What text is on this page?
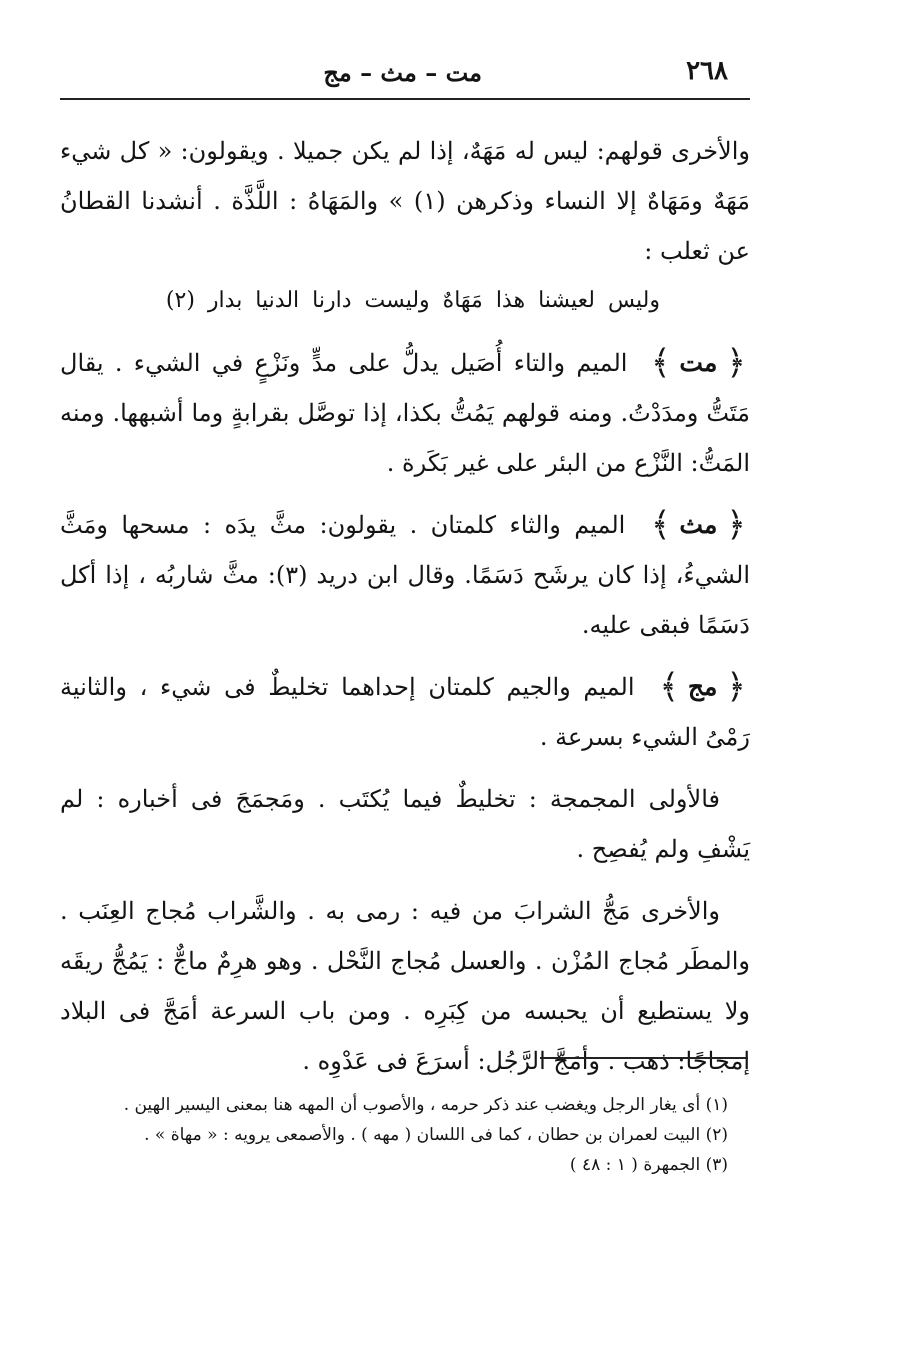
٢٦٨
مت – مث – مج

والأخرى قولهم: ليس له مَهَهٌ، إذا لم يكن جميلا . ويقولون: « كل شيء مَهَهٌ ومَهَاهٌ إلا النساء وذكرهن (١) » والمَهَاهُ : اللَّذَّة . أنشدنا القطانُ عن ثعلب :

وليس لعيشنا هذا مَهَاهٌ وليست دارنا الدنيا بدار (٢)

﴿ مت ﴾ الميم والتاء أُصَيل يدلُّ على مدٍّ ونَزْعٍ في الشيء . يقال مَتَتُّ ومدَدْتُ. ومنه قولهم يَمُتُّ بكذا، إذا توصَّل بقرابةٍ وما أشبهها. ومنه المَتُّ: النَّزْع من البئر على غير بَكَرة .

﴿ مث ﴾ الميم والثاء كلمتان . يقولون: مثَّ يدَه : مسحها ومَثَّ الشيءُ، إذا كان يرشَح دَسَمًا. وقال ابن دريد (٣): مثَّ شاربُه ، إذا أكل دَسَمًا فبقى عليه.

﴿ مج ﴾ الميم والجيم كلمتان إحداهما تخليطٌ فى شيء ، والثانية رَمْىُ الشيء بسرعة .

فالأولى المجمجة : تخليطٌ فيما يُكتَب . ومَجمَجَ فى أخباره : لم يَشْفِ ولم يُفصِح .

والأخرى مَجُّ الشرابَ من فيه : رمى به . والشَّراب مُجاج العِنَب . والمطَر مُجاج المُزْن . والعسل مُجاج النَّحْل . وهو هرِمٌ ماجٌّ : يَمُجُّ ريقَه ولا يستطيع أن يحبسه من كِبَرِه . ومن باب السرعة أمَجَّ فى البلاد إمجاجًا: ذهب . وأمَجَّ الرَّجُل: أسرَعَ فى عَدْوِه .

(١) أى يغار الرجل ويغضب عند ذكر حرمه ، والأصوب أن المهه هنا بمعنى اليسير الهين .

(٢) البيت لعمران بن حطان ، كما فى اللسان ( مهه ) . والأصمعى يرويه : « مهاة » .

(٣) الجمهرة ( ١ : ٤٨ )
